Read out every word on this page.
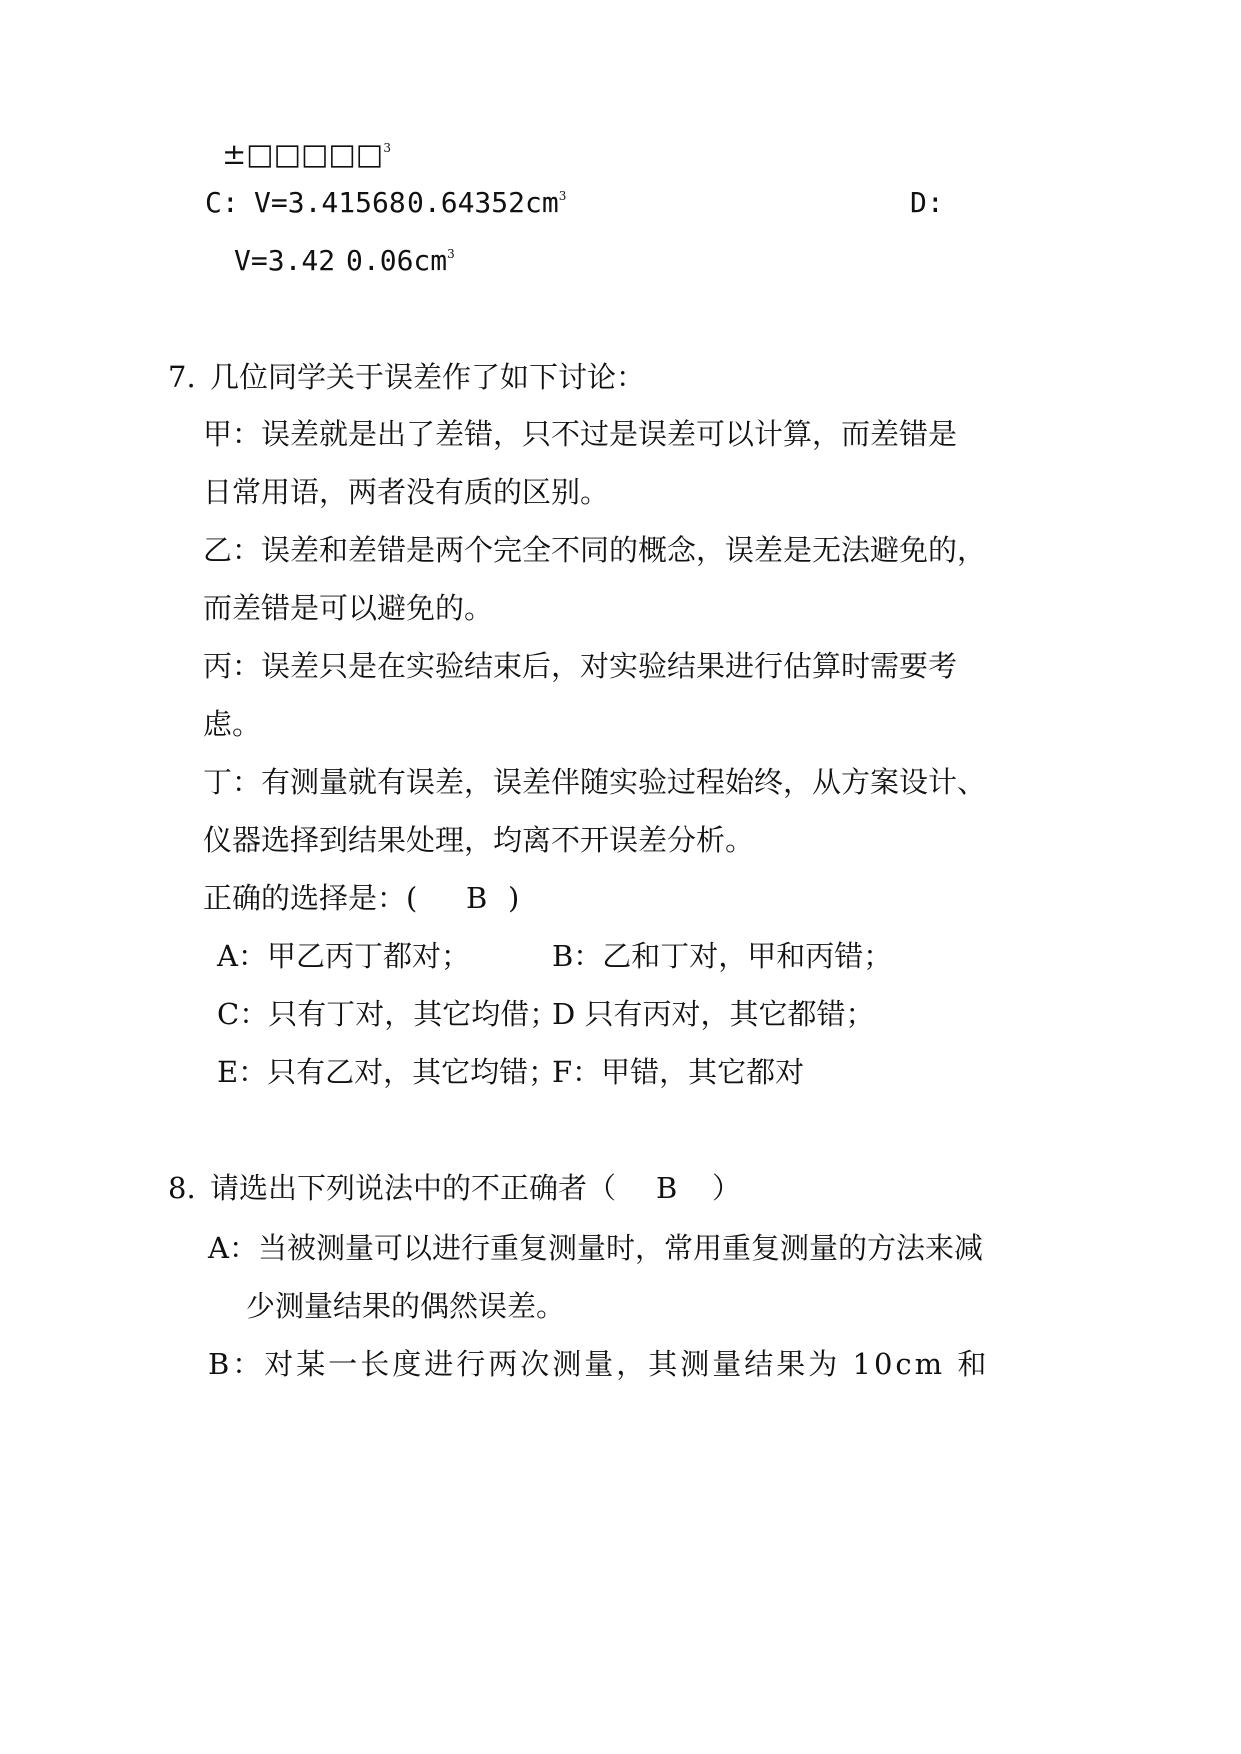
±□□□□□$^3$
C: V=3.41568 $0.64352cm^3$	D:
V=3.42 $0.06cm^3$
7. 几位同学关于误差作了如下讨论：
甲：误差就是出了差错，只不过是误差可以计算，而差错是
日常用语，两者没有质的区别。
乙：误差和差错是两个完全不同的概念，误差是无法避免的，
而差错是可以避免的。
丙：误差只是在实验结束后，对实验结果进行估算时需要考
虑。
丁：有测量就有误差，误差伴随实验过程始终，从方案设计、
仪器选择到结果处理，均离不开误差分析。
正确的选择是：( B )
A：甲乙丙丁都对；	B：乙和丁对，甲和丙错；
C：只有丁对，其它均借；
D 只有丙对，其它都错；
E：只有乙对，其它均错；
F：甲错，其它都对
8. 请选出下列说法中的不正确者（ B ）
A：当被测量可以进行重复测量时，常用重复测量的方法来减
少测量结果的偶然误差。
B：对某一长度进行两次测量，其测量结果为 10cm 和
